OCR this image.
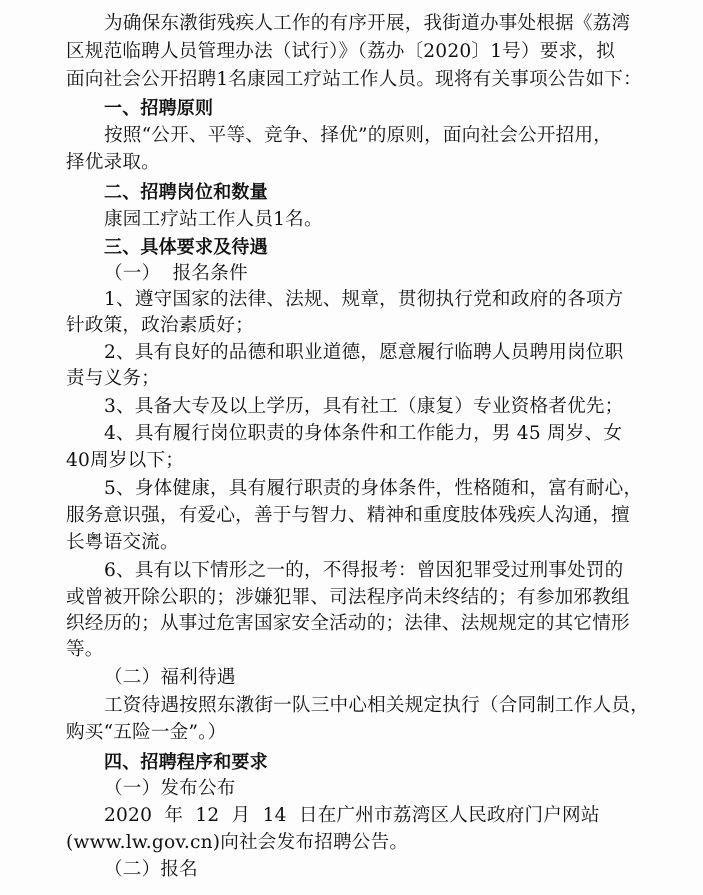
为确保东漖街残疾人工作的有序开展，我街道办事处根据《荔湾
区规范临聘人员管理办法（试行）》（荔办〔2020〕1号）要求，拟
面向社会公开招聘1名康园工疗站工作人员。现将有关事项公告如下：
一、招聘原则
按照“公开、平等、竞争、择优”的原则，面向社会公开招用，
择优录取。
二、招聘岗位和数量
康园工疗站工作人员1名。
三、具体要求及待遇
（一）  报名条件
1、遵守国家的法律、法规、规章，贯彻执行党和政府的各项方
针政策，政治素质好；
2、具有良好的品德和职业道德，愿意履行临聘人员聘用岗位职
责与义务；
3、具备大专及以上学历，具有社工（康复）专业资格者优先；
4、具有履行岗位职责的身体条件和工作能力，男 45 周岁、女
40周岁以下；
5、身体健康，具有履行职责的身体条件，性格随和，富有耐心，
服务意识强，有爱心，善于与智力、精神和重度肢体残疾人沟通，擅
长粤语交流。
6、具有以下情形之一的，不得报考：曾因犯罪受过刑事处罚的
或曾被开除公职的；涉嫌犯罪、司法程序尚未终结的；有参加邪教组
织经历的；从事过危害国家安全活动的；法律、法规规定的其它情形
等。
（二）福利待遇
工资待遇按照东漖街一队三中心相关规定执行（合同制工作人员，
购买“五险一金”。）
四、招聘程序和要求
（一）发布公布
2020  年  12  月  14  日在广州市荔湾区人民政府门户网站
(www.lw.gov.cn)向社会发布招聘公告。
（二）报名
